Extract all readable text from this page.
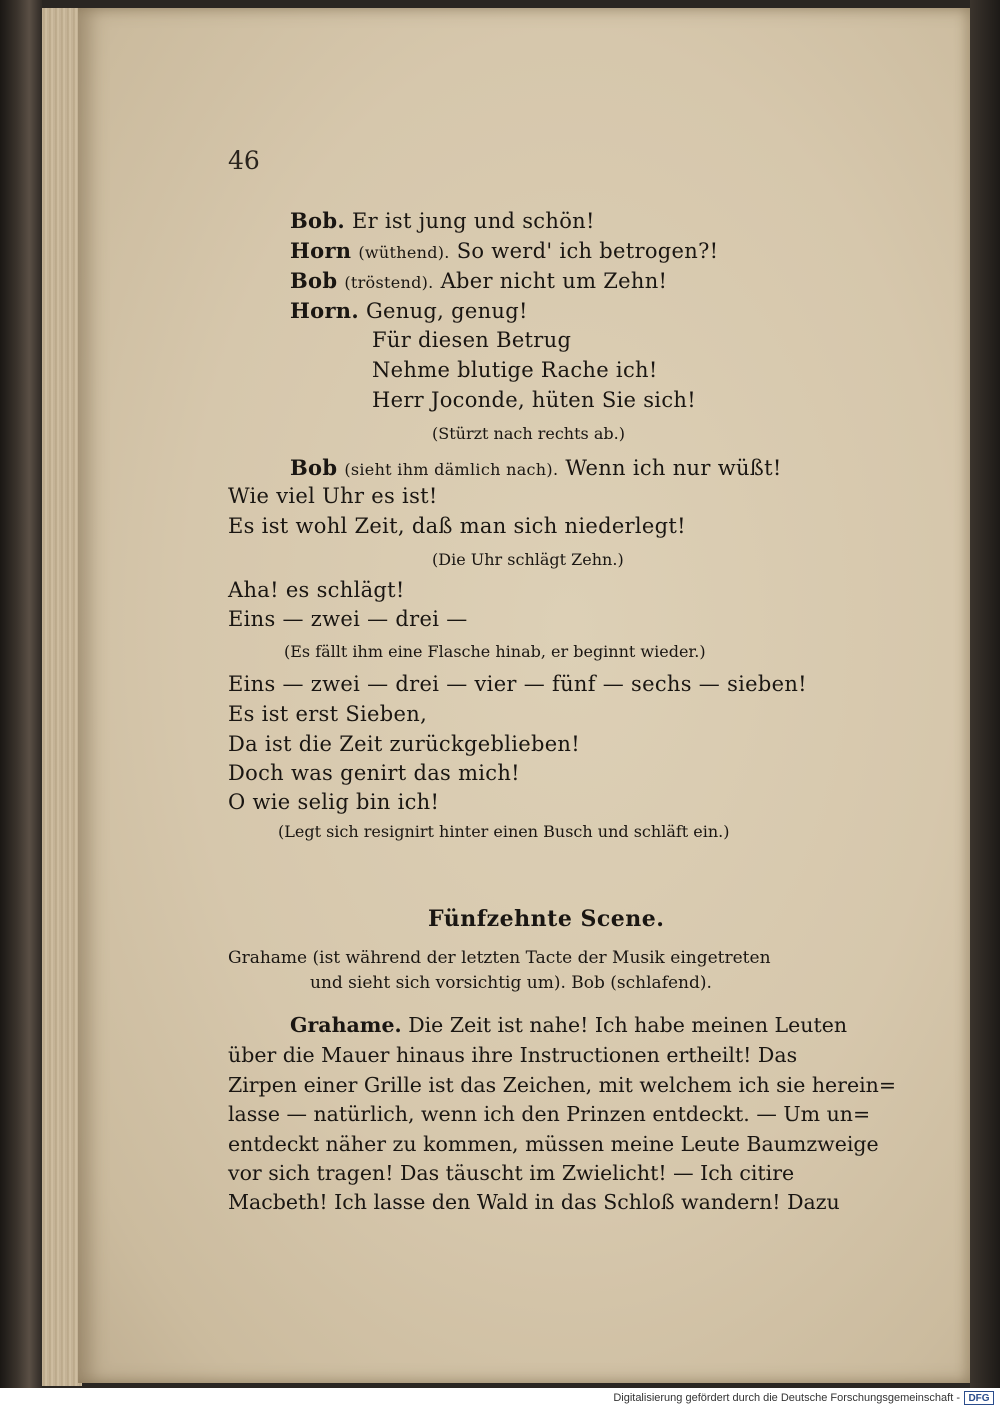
46
Bob. Er ist jung und schön!
Horn (wüthend). So werd' ich betrogen?!
Bob (tröstend). Aber nicht um Zehn!
Horn. Genug, genug!
Für diesen Betrug
Nehme blutige Rache ich!
Herr Joconde, hüten Sie sich!
(Stürzt nach rechts ab.)
Bob (sieht ihm dämlich nach). Wenn ich nur wüßt!
Wie viel Uhr es ist!
Es ist wohl Zeit, daß man sich niederlegt!
(Die Uhr schlägt Zehn.)
Aha! es schlägt!
Eins — zwei — drei —
(Es fällt ihm eine Flasche hinab, er beginnt wieder.)
Eins — zwei — drei — vier — fünf — sechs — sieben!
Es ist erst Sieben,
Da ist die Zeit zurückgeblieben!
Doch was genirt das mich!
O wie selig bin ich!
(Legt sich resignirt hinter einen Busch und schläft ein.)
Fünfzehnte Scene.
Grahame (ist während der letzten Tacte der Musik eingetreten
und sieht sich vorsichtig um). Bob (schlafend).
Grahame. Die Zeit ist nahe! Ich habe meinen Leuten
über die Mauer hinaus ihre Instructionen ertheilt! Das
Zirpen einer Grille ist das Zeichen, mit welchem ich sie herein=
lasse — natürlich, wenn ich den Prinzen entdeckt. — Um un=
entdeckt näher zu kommen, müssen meine Leute Baumzweige
vor sich tragen! Das täuscht im Zwielicht! — Ich citire
Macbeth! Ich lasse den Wald in das Schloß wandern! Dazu
Digitalisierung gefördert durch die Deutsche Forschungsgemeinschaft - DFG
